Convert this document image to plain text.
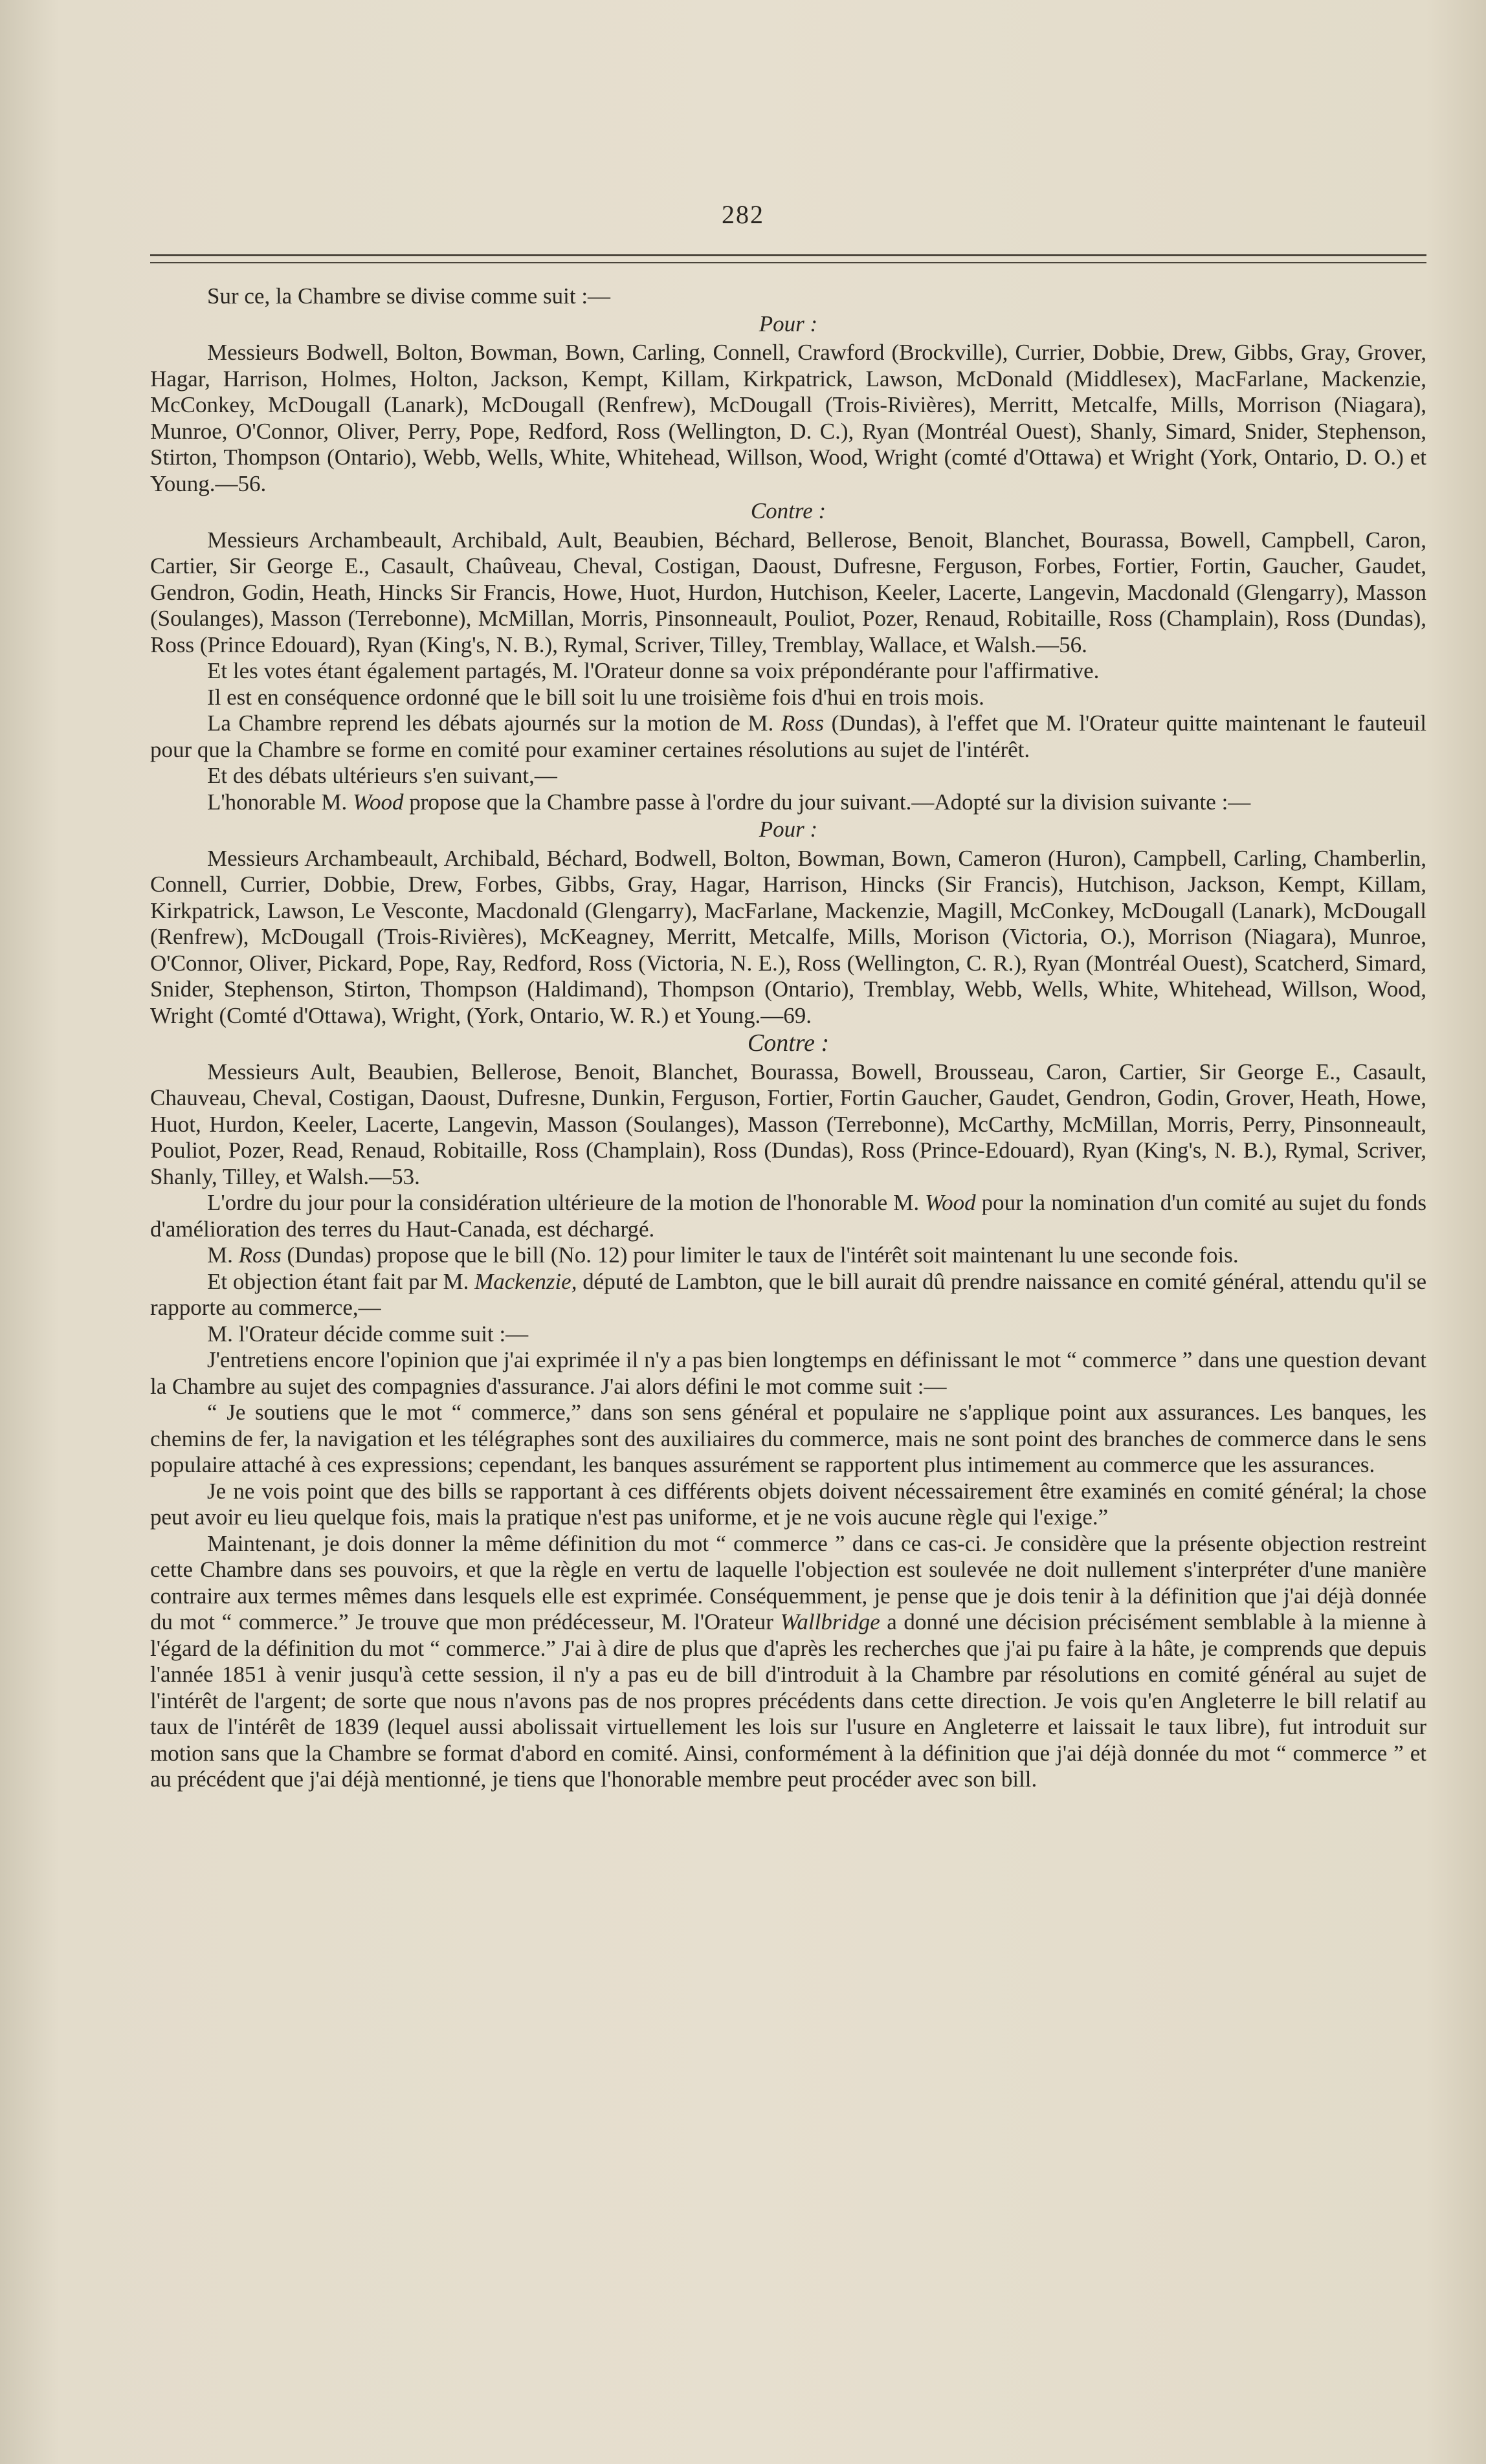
282

Sur ce, la Chambre se divise comme suit :—

Pour :

Messieurs Bodwell, Bolton, Bowman, Bown, Carling, Connell, Crawford (Brockville), Currier, Dobbie, Drew, Gibbs, Gray, Grover, Hagar, Harrison, Holmes, Holton, Jackson, Kempt, Killam, Kirkpatrick, Lawson, McDonald (Middlesex), MacFarlane, Mackenzie, McConkey, McDougall (Lanark), McDougall (Renfrew), McDougall (Trois-Rivières), Merritt, Metcalfe, Mills, Morrison (Niagara), Munroe, O'Connor, Oliver, Perry, Pope, Redford, Ross (Wellington, D. C.), Ryan (Montréal Ouest), Shanly, Simard, Snider, Stephenson, Stirton, Thompson (Ontario), Webb, Wells, White, Whitehead, Willson, Wood, Wright (comté d'Ottawa) et Wright (York, Ontario, D. O.) et Young.—56.

Contre :

Messieurs Archambeault, Archibald, Ault, Beaubien, Béchard, Bellerose, Benoit, Blanchet, Bourassa, Bowell, Campbell, Caron, Cartier, Sir George E., Casault, Chaûveau, Cheval, Costigan, Daoust, Dufresne, Ferguson, Forbes, Fortier, Fortin, Gaucher, Gaudet, Gendron, Godin, Heath, Hincks Sir Francis, Howe, Huot, Hurdon, Hutchison, Keeler, Lacerte, Langevin, Macdonald (Glengarry), Masson (Soulanges), Masson (Terrebonne), McMillan, Morris, Pinsonneault, Pouliot, Pozer, Renaud, Robitaille, Ross (Champlain), Ross (Dundas), Ross (Prince Edouard), Ryan (King's, N. B.), Rymal, Scriver, Tilley, Tremblay, Wallace, et Walsh.—56.

Et les votes étant également partagés, M. l'Orateur donne sa voix prépondérante pour l'affirmative.

Il est en conséquence ordonné que le bill soit lu une troisième fois d'hui en trois mois.

La Chambre reprend les débats ajournés sur la motion de M. Ross (Dundas), à l'effet que M. l'Orateur quitte maintenant le fauteuil pour que la Chambre se forme en comité pour examiner certaines résolutions au sujet de l'intérêt.

Et des débats ultérieurs s'en suivant,—

L'honorable M. Wood propose que la Chambre passe à l'ordre du jour suivant.—Adopté sur la division suivante :—

Pour :

Messieurs Archambeault, Archibald, Béchard, Bodwell, Bolton, Bowman, Bown, Cameron (Huron), Campbell, Carling, Chamberlin, Connell, Currier, Dobbie, Drew, Forbes, Gibbs, Gray, Hagar, Harrison, Hincks (Sir Francis), Hutchison, Jackson, Kempt, Killam, Kirkpatrick, Lawson, Le Vesconte, Macdonald (Glengarry), MacFarlane, Mackenzie, Magill, McConkey, McDougall (Lanark), McDougall (Renfrew), McDougall (Trois-Rivières), McKeagney, Merritt, Metcalfe, Mills, Morison (Victoria, O.), Morrison (Niagara), Munroe, O'Connor, Oliver, Pickard, Pope, Ray, Redford, Ross (Victoria, N. E.), Ross (Wellington, C. R.), Ryan (Montréal Ouest), Scatcherd, Simard, Snider, Stephenson, Stirton, Thompson (Haldimand), Thompson (Ontario), Tremblay, Webb, Wells, White, Whitehead, Willson, Wood, Wright (Comté d'Ottawa), Wright, (York, Ontario, W. R.) et Young.—69.

Contre :

Messieurs Ault, Beaubien, Bellerose, Benoit, Blanchet, Bourassa, Bowell, Brousseau, Caron, Cartier, Sir George E., Casault, Chauveau, Cheval, Costigan, Daoust, Dufresne, Dunkin, Ferguson, Fortier, Fortin Gaucher, Gaudet, Gendron, Godin, Grover, Heath, Howe, Huot, Hurdon, Keeler, Lacerte, Langevin, Masson (Soulanges), Masson (Terrebonne), McCarthy, McMillan, Morris, Perry, Pinsonneault, Pouliot, Pozer, Read, Renaud, Robitaille, Ross (Champlain), Ross (Dundas), Ross (Prince-Edouard), Ryan (King's, N. B.), Rymal, Scriver, Shanly, Tilley, et Walsh.—53.

L'ordre du jour pour la considération ultérieure de la motion de l'honorable M. Wood pour la nomination d'un comité au sujet du fonds d'amélioration des terres du Haut-Canada, est déchargé.

M. Ross (Dundas) propose que le bill (No. 12) pour limiter le taux de l'intérêt soit maintenant lu une seconde fois.

Et objection étant fait par M. Mackenzie, député de Lambton, que le bill aurait dû prendre naissance en comité général, attendu qu'il se rapporte au commerce,—

M. l'Orateur décide comme suit :—

J'entretiens encore l'opinion que j'ai exprimée il n'y a pas bien longtemps en définissant le mot “ commerce ” dans une question devant la Chambre au sujet des compagnies d'assurance. J'ai alors défini le mot comme suit :—

“ Je soutiens que le mot “ commerce,” dans son sens général et populaire ne s'applique point aux assurances. Les banques, les chemins de fer, la navigation et les télégraphes sont des auxiliaires du commerce, mais ne sont point des branches de commerce dans le sens populaire attaché à ces expressions; cependant, les banques assurément se rapportent plus intimement au commerce que les assurances.

Je ne vois point que des bills se rapportant à ces différents objets doivent nécessairement être examinés en comité général; la chose peut avoir eu lieu quelque fois, mais la pratique n'est pas uniforme, et je ne vois aucune règle qui l'exige.”

Maintenant, je dois donner la même définition du mot “ commerce ” dans ce cas-ci. Je considère que la présente objection restreint cette Chambre dans ses pouvoirs, et que la règle en vertu de laquelle l'objection est soulevée ne doit nullement s'interpréter d'une manière contraire aux termes mêmes dans lesquels elle est exprimée. Conséquemment, je pense que je dois tenir à la définition que j'ai déjà donnée du mot “ commerce.” Je trouve que mon prédécesseur, M. l'Orateur Wallbridge a donné une décision précisément semblable à la mienne à l'égard de la définition du mot “ commerce.” J'ai à dire de plus que d'après les recherches que j'ai pu faire à la hâte, je comprends que depuis l'année 1851 à venir jusqu'à cette session, il n'y a pas eu de bill d'introduit à la Chambre par résolutions en comité général au sujet de l'intérêt de l'argent; de sorte que nous n'avons pas de nos propres précédents dans cette direction. Je vois qu'en Angleterre le bill relatif au taux de l'intérêt de 1839 (lequel aussi abolissait virtuellement les lois sur l'usure en Angleterre et laissait le taux libre), fut introduit sur motion sans que la Chambre se format d'abord en comité. Ainsi, conformément à la définition que j'ai déjà donnée du mot “ commerce ” et au précédent que j'ai déjà mentionné, je tiens que l'honorable membre peut procéder avec son bill.
